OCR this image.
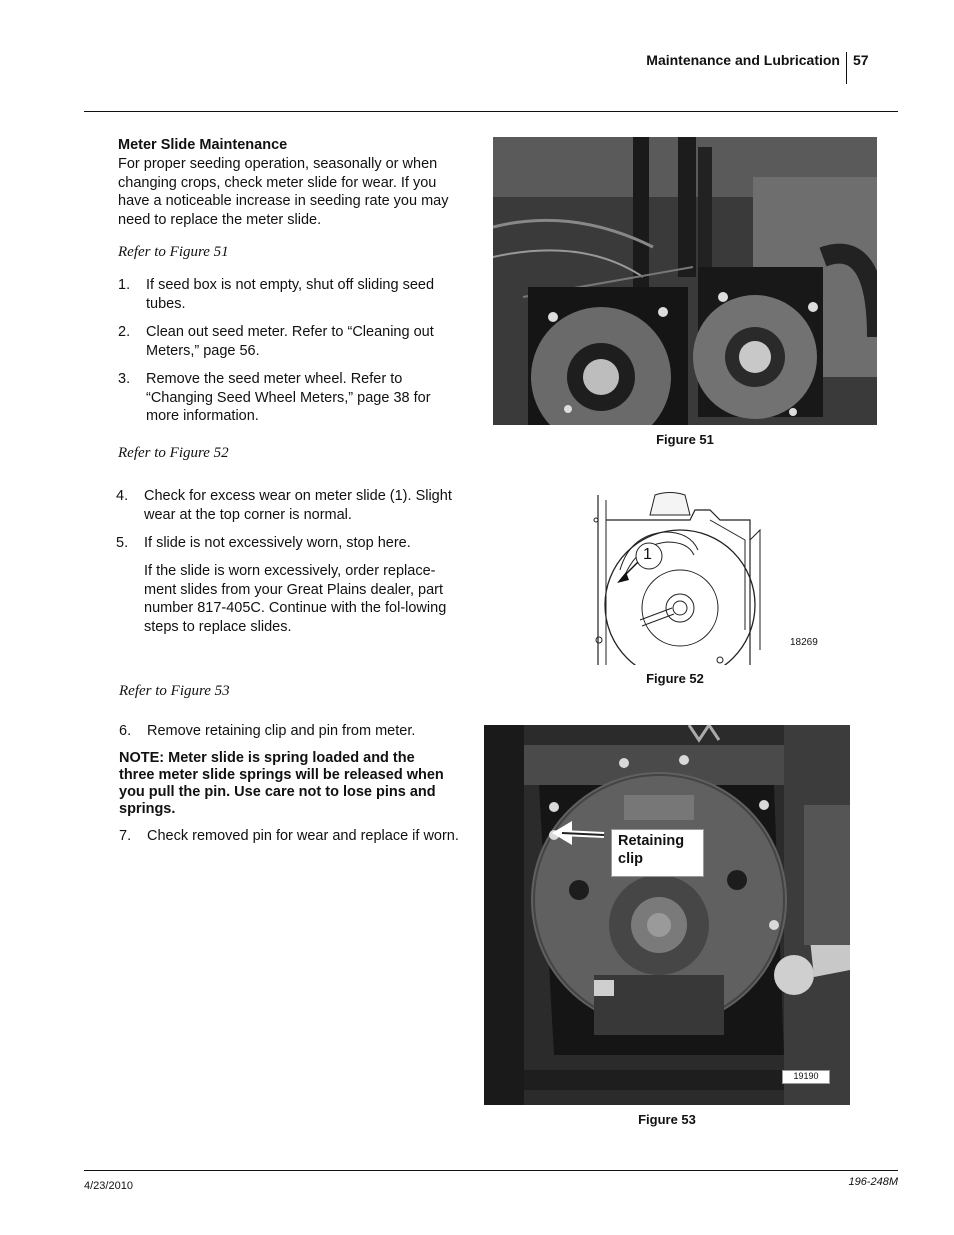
Maintenance and Lubrication 57
Meter Slide Maintenance
For proper seeding operation, seasonally or when changing crops, check meter slide for wear. If you have a noticeable increase in seeding rate you may need to replace the meter slide.
Refer to Figure 51
1. If seed box is not empty, shut off sliding seed tubes.
2. Clean out seed meter. Refer to “Cleaning out Meters,” page 56.
3. Remove the seed meter wheel. Refer to “Changing Seed Wheel Meters,” page 38 for more information.
Refer to Figure 52
4. Check for excess wear on meter slide (1). Slight wear at the top corner is normal.
5. If slide is not excessively worn, stop here.
If the slide is worn excessively, order replace-ment slides from your Great Plains dealer, part number 817-405C. Continue with the fol-lowing steps to replace slides.
Refer to Figure 53
6. Remove retaining clip and pin from meter.
NOTE: Meter slide is spring loaded and the three meter slide springs will be released when you pull the pin. Use care not to lose pins and springs.
7. Check removed pin for wear and replace if worn.
Figure 51
1
18269
Figure 52
Retaining clip
19190
Figure 53
4/23/2010	196-248M
